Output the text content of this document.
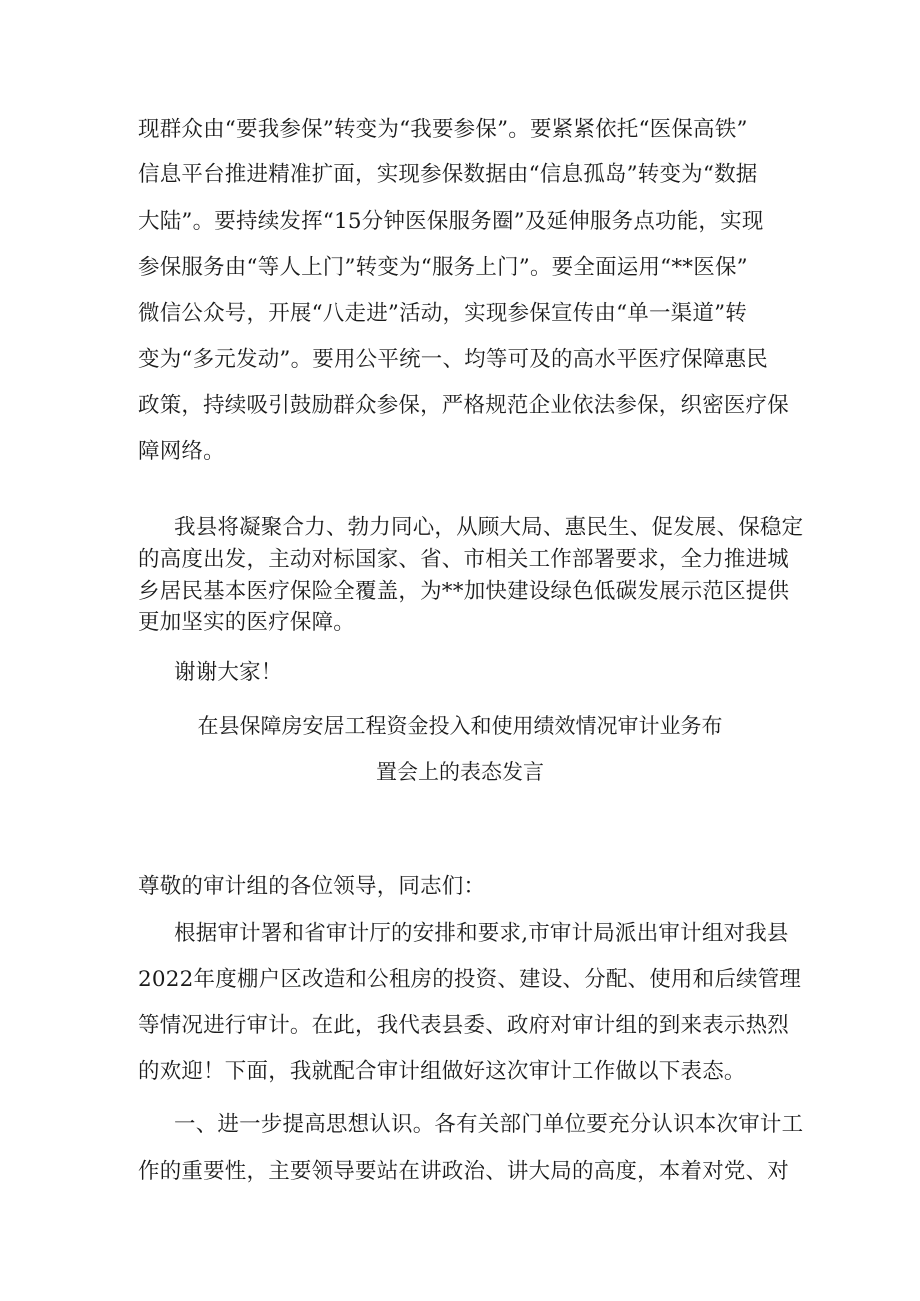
现群众由“要我参保”转变为“我要参保”。要紧紧依托“医保高铁”
信息平台推进精准扩面，实现参保数据由“信息孤岛”转变为“数据
大陆”。要持续发挥“15分钟医保服务圈”及延伸服务点功能，实现
参保服务由“等人上门”转变为“服务上门”。要全面运用“**医保”
微信公众号，开展“八走进”活动，实现参保宣传由“单一渠道”转
变为“多元发动”。要用公平统一、均等可及的高水平医疗保障惠民
政策，持续吸引鼓励群众参保，严格规范企业依法参保，织密医疗保
障网络。
我县将凝聚合力、勃力同心，从顾大局、惠民生、促发展、保稳定
的高度出发，主动对标国家、省、市相关工作部署要求，全力推进城
乡居民基本医疗保险全覆盖，为**加快建设绿色低碳发展示范区提供
更加坚实的医疗保障。
谢谢大家！
在县保障房安居工程资金投入和使用绩效情况审计业务布
置会上的表态发言
尊敬的审计组的各位领导，同志们：
根据审计署和省审计厅的安排和要求,市审计局派出审计组对我县
2022年度棚户区改造和公租房的投资、建设、分配、使用和后续管理
等情况进行审计。在此，我代表县委、政府对审计组的到来表示热烈
的欢迎！下面，我就配合审计组做好这次审计工作做以下表态。
一、进一步提高思想认识。各有关部门单位要充分认识本次审计工
作的重要性，主要领导要站在讲政治、讲大局的高度，本着对党、对
